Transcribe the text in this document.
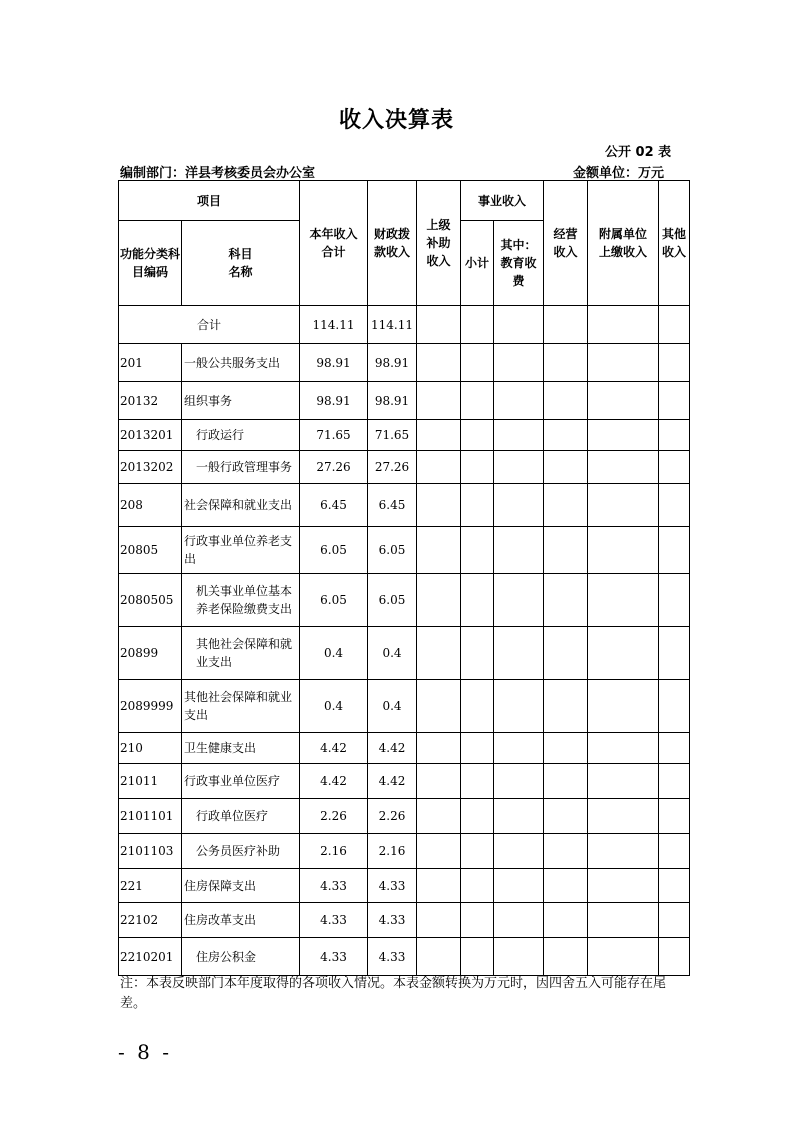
收入决算表
公开 02 表
编制部门：洋县考核委员会办公室	金额单位：万元
项目		本年收入合计	财政拨款收入	上级补助收入	事业收入		经营收入	附属单位上缴收入	其他收入

功能分类科目编码	科目名称				小计	其中：教育收费			

合计		114.11	114.11						
201	一般公共服务支出	98.91	98.91						
20132	组织事务	98.91	98.91						
2013201	行政运行	71.65	71.65						
2013202	一般行政管理事务	27.26	27.26						
208	社会保障和就业支出	6.45	6.45						
20805	行政事业单位养老支出	6.05	6.05						
2080505	机关事业单位基本养老保险缴费支出	6.05	6.05						
20899	其他社会保障和就业支出	0.4	0.4						
2089999	其他社会保障和就业支出	0.4	0.4						
210	卫生健康支出	4.42	4.42						
21011	行政事业单位医疗	4.42	4.42						
2101101	行政单位医疗	2.26	2.26						
2101103	公务员医疗补助	2.16	2.16						
221	住房保障支出	4.33	4.33						
22102	住房改革支出	4.33	4.33						
2210201	住房公积金	4.33	4.33						
注：本表反映部门本年度取得的各项收入情况。本表金额转换为万元时，因四舍五入可能存在尾差。
- 8 -
